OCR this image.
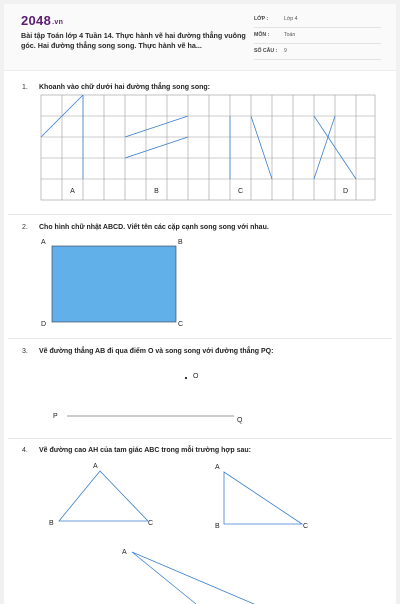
2048.vn

Bài tập Toán lớp 4 Tuần 14. Thực hành vẽ hai đường thẳng vuông góc. Hai đường thẳng song song. Thực hành vẽ ha...

LỚP :	Lớp 4
MÔN :	Toán
SỐ CÂU : 9
1. Khoanh vào chữ dưới hai đường thẳng song song:
A	B	C	D
A	B
D	C
O
P
Q
A
B	C
A
B	C
A
2. Cho hình chữ nhật ABCD. Viết tên các cặp cạnh song song với nhau.
3. Vẽ đường thẳng AB đi qua điểm O và song song với đường thẳng PQ:
4. Vẽ đường cao AH của tam giác ABC trong mỗi trường hợp sau:
